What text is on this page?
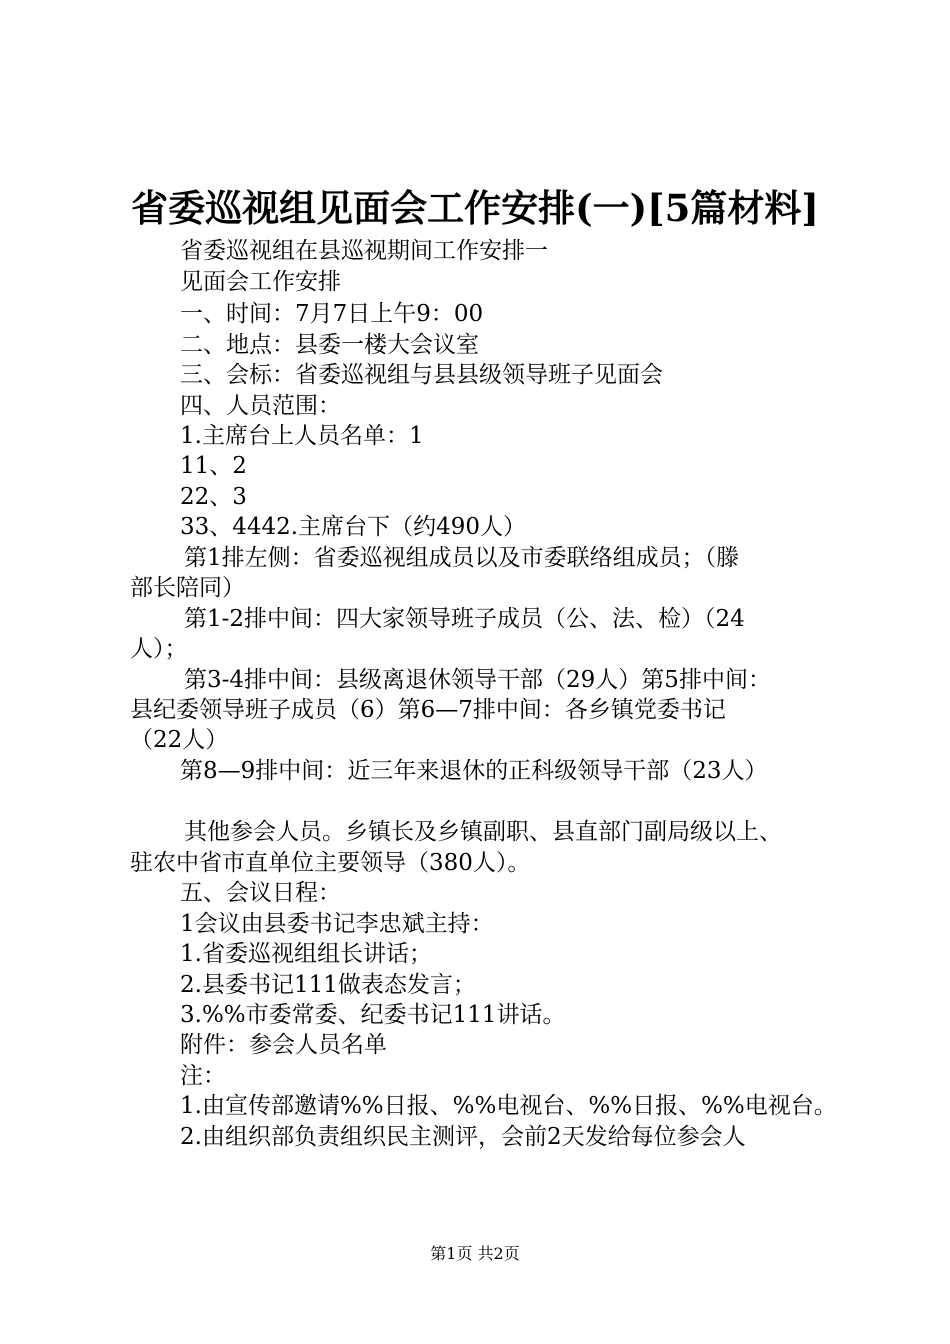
省委巡视组见面会工作安排(一)[5篇材料]
省委巡视组在县巡视期间工作安排一
见面会工作安排
一、时间：7月7日上午9：00
二、地点：县委一楼大会议室
三、会标：省委巡视组与县县级领导班子见面会
四、人员范围：
1.主席台上人员名单：1
11、2
22、3
33、4442.主席台下（约490人）
第1排左侧：省委巡视组成员以及市委联络组成员；（滕
部长陪同）
第1-2排中间：四大家领导班子成员（公、法、检）（24
人）；
第3-4排中间：县级离退休领导干部（29人）第5排中间：
县纪委领导班子成员（6）第6—7排中间：各乡镇党委书记
（22人）
第8—9排中间：近三年来退休的正科级领导干部（23人）
其他参会人员。乡镇长及乡镇副职、县直部门副局级以上、
驻农中省市直单位主要领导（380人）。
五、会议日程：
1会议由县委书记李忠斌主持：
1.省委巡视组组长讲话；
2.县委书记111做表态发言；
3.%%市委常委、纪委书记111讲话。
附件：参会人员名单
注：
1.由宣传部邀请%%日报、%%电视台、%%日报、%%电视台。
2.由组织部负责组织民主测评，会前2天发给每位参会人
第1页 共2页
